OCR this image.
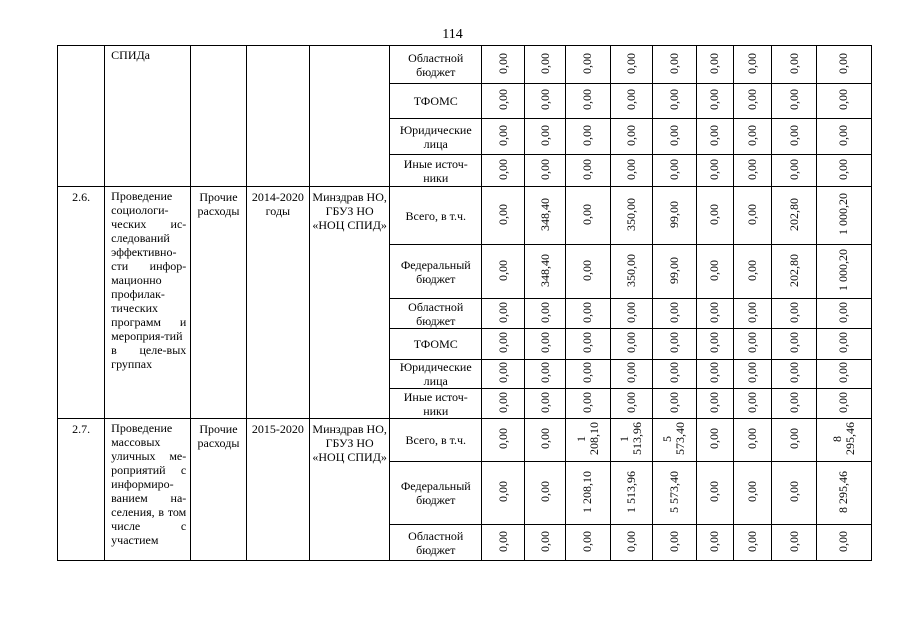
114
	СПИДа				Областной бюджет	0,00	0,00	0,00	0,00	0,00	0,00	0,00	0,00	0,00
					ТФОМС	0,00	0,00	0,00	0,00	0,00	0,00	0,00	0,00	0,00
					Юридические лица	0,00	0,00	0,00	0,00	0,00	0,00	0,00	0,00	0,00
					Иные источ-ники	0,00	0,00	0,00	0,00	0,00	0,00	0,00	0,00	0,00
2.6.	Проведение социологи-ческих ис-следований эффективно-сти инфор-мационно профилак-тических программ и мероприя-тий в целе-вых группах	Прочие расходы	2014-2020 годы	Минздрав НО, ГБУЗ НО «НОЦ СПИД»	Всего, в т.ч.	0,00	348,40	0,00	350,00	99,00	0,00	0,00	202,80	1 000,20
					Федеральный бюджет	0,00	348,40	0,00	350,00	99,00	0,00	0,00	202,80	1 000,20
					Областной бюджет	0,00	0,00	0,00	0,00	0,00	0,00	0,00	0,00	0,00
					ТФОМС	0,00	0,00	0,00	0,00	0,00	0,00	0,00	0,00	0,00
					Юридические лица	0,00	0,00	0,00	0,00	0,00	0,00	0,00	0,00	0,00
					Иные источ-ники	0,00	0,00	0,00	0,00	0,00	0,00	0,00	0,00	0,00
2.7.	Проведение массовых уличных ме-роприятий с информиро-ванием на-селения, в том числе с участием	Прочие расходы	2015-2020	Минздрав НО, ГБУЗ НО «НОЦ СПИД»	Всего, в т.ч.	0,00	0,00	1 208,10	1 513,96	5 573,40	0,00	0,00	0,00	8 295,46
					Федеральный бюджет	0,00	0,00	1 208,10	1 513,96	5 573,40	0,00	0,00	0,00	8 295,46
					Областной бюджет	0,00	0,00	0,00	0,00	0,00	0,00	0,00	0,00	0,00
